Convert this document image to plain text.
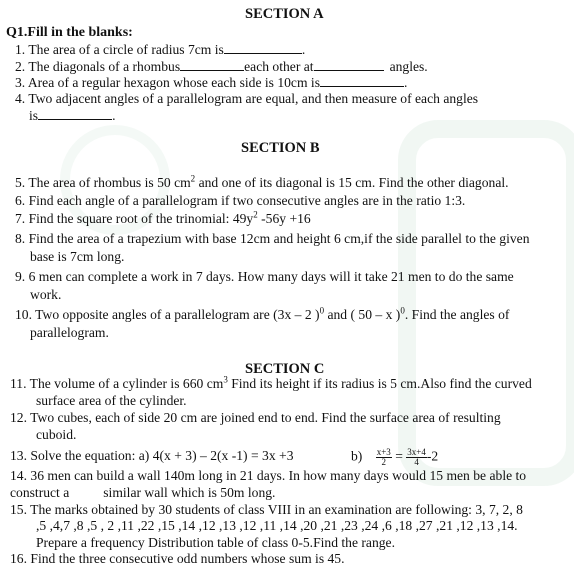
SECTION A
Q1.Fill in the blanks:
1. The area of a circle of radius 7cm is	.
2. The diagonals of a rhombus	each other at	angles.
3. Area of a regular hexagon whose each side is 10cm is	.
4. Two adjacent angles of a parallelogram are equal, and then measure of each angles
is	.
SECTION B
5. The area of rhombus is 50 $cm^2$ and one of its diagonal is 15 cm. Find the other diagonal.
6. Find each angle of a parallelogram if two consecutive angles are in the ratio 1:3.
7. Find the square root of the trinomial: $49y^2$ -56y +16
8. Find the area of a trapezium with base 12cm and height 6 cm,if the side parallel to the given
base is 7cm long.
9. 6 men can complete a work in 7 days. How many days will it take 21 men to do the same
work.
10. Two opposite angles of a parallelogram are (3x – 2 )$^0$ and ( 50 – x )$^0$. Find the angles of
parallelogram.
SECTION C
11. The volume of a cylinder is 660 $cm^3$ Find its height if its radius is 5 cm.Also find the curved
surface area of the cylinder.
12. Two cubes, each of side 20 cm are joined end to end. Find the surface area of resulting
cuboid.
13. Solve the equation: a) 4(x + 3) – 2(x -1) = 3x +3	$b) \frac{x+3}{2} = \frac{3x+4}{4} -2$
14. 36 men can build a wall 140m long in 21 days. In how many days would 15 men be able to
construct a	similar wall which is 50m long.
15. The marks obtained by 30 students of class VIII in an examination are following: 3, 7, 2, 8
,5 ,4,7 ,8 ,5 , 2 ,11 ,22 ,15 ,14 ,12 ,13 ,12 ,11 ,14 ,20 ,21 ,23 ,24 ,6 ,18 ,27 ,21 ,12 ,13 ,14.
Prepare a frequency Distribution table of class 0-5.Find the range.
16. Find the three consecutive odd numbers whose sum is 45.
